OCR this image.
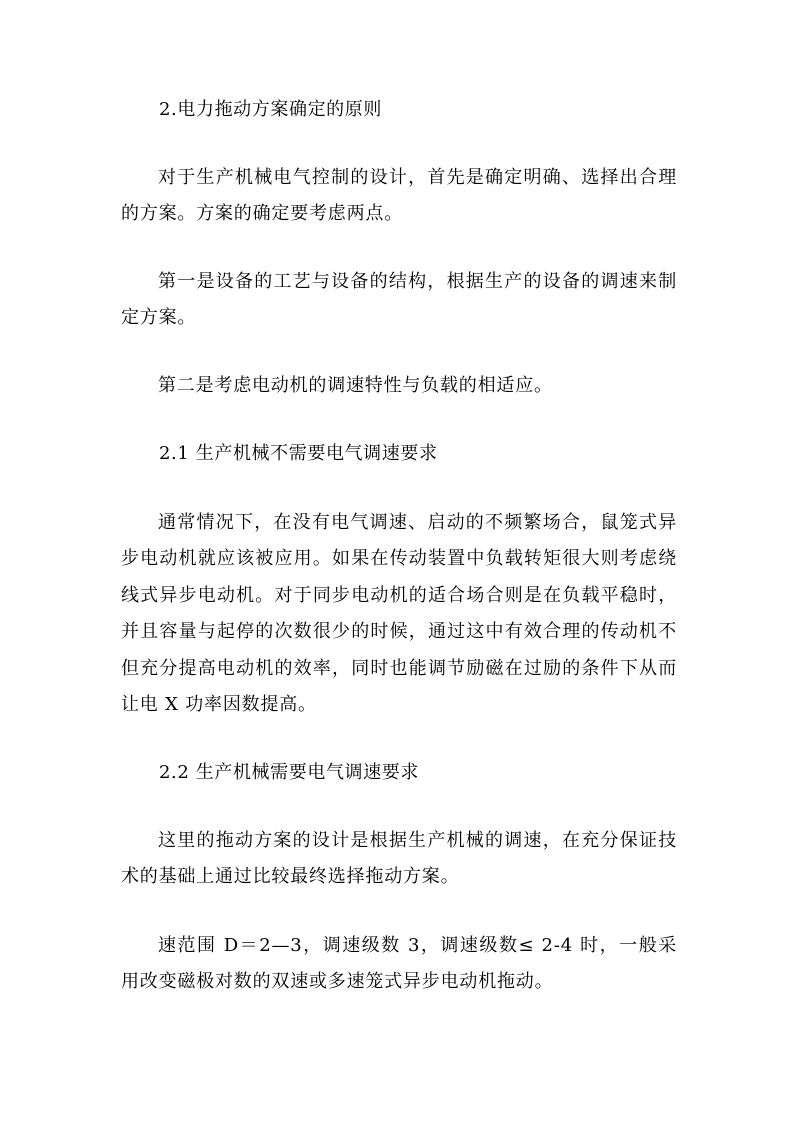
2.电力拖动方案确定的原则

对于生产机械电气控制的设计，首先是确定明确、选择出合理的方案。方案的确定要考虑两点。

第一是设备的工艺与设备的结构，根据生产的设备的调速来制定方案。

第二是考虑电动机的调速特性与负载的相适应。

2.1 生产机械不需要电气调速要求

通常情况下，在没有电气调速、启动的不频繁场合，鼠笼式异步电动机就应该被应用。如果在传动装置中负载转矩很大则考虑绕线式异步电动机。对于同步电动机的适合场合则是在负载平稳时，并且容量与起停的次数很少的时候，通过这中有效合理的传动机不但充分提高电动机的效率，同时也能调节励磁在过励的条件下从而让电 X 功率因数提高。

2.2 生产机械需要电气调速要求

这里的拖动方案的设计是根据生产机械的调速，在充分保证技术的基础上通过比较最终选择拖动方案。

速范围 D＝2—3，调速级数 3，调速级数≤ 2-4 时，一般采用改变磁极对数的双速或多速笼式异步电动机拖动。
